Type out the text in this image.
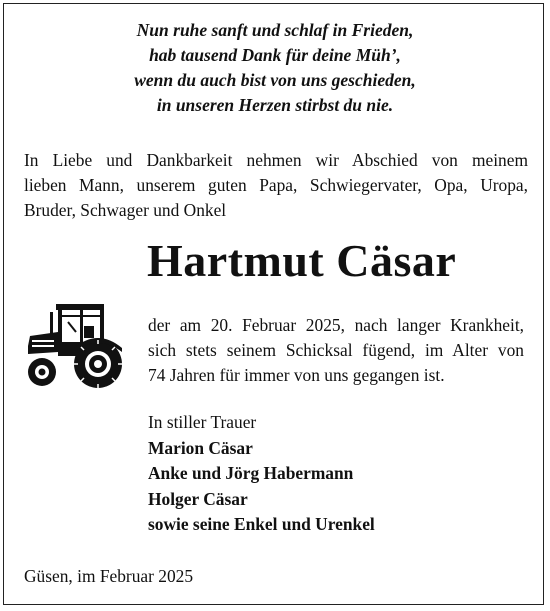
Nun ruhe sanft und schlaf in Frieden,
hab tausend Dank für deine Müh’,
wenn du auch bist von uns geschieden,
in unseren Herzen stirbst du nie.
In Liebe und Dankbarkeit nehmen wir Abschied von meinem
lieben Mann, unserem guten Papa, Schwiegervater, Opa, Uropa,
Bruder, Schwager und Onkel
Hartmut Cäsar
der am 20. Februar 2025, nach langer Krankheit,
sich stets seinem Schicksal fügend, im Alter von
74 Jahren für immer von uns gegangen ist.
In stiller Trauer
Marion Cäsar
Anke und Jörg Habermann
Holger Cäsar
sowie seine Enkel und Urenkel
Güsen, im Februar 2025
